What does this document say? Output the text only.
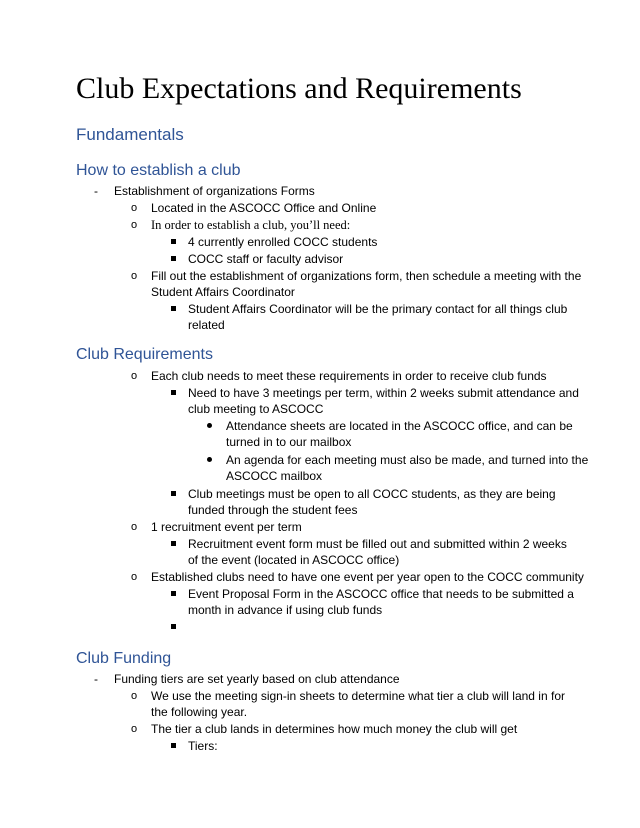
Club Expectations and Requirements
Fundamentals
How to establish a club
- Establishment of organizations Forms
o Located in the ASCOCC Office and Online
o In order to establish a club, you’ll need:
4 currently enrolled COCC students
COCC staff or faculty advisor
o Fill out the establishment of organizations form, then schedule a meeting with the
Student Affairs Coordinator
Student Affairs Coordinator will be the primary contact for all things club
related
Club Requirements
o Each club needs to meet these requirements in order to receive club funds
Need to have 3 meetings per term, within 2 weeks submit attendance and
club meeting to ASCOCC
Attendance sheets are located in the ASCOCC office, and can be
turned in to our mailbox
An agenda for each meeting must also be made, and turned into the
ASCOCC mailbox
Club meetings must be open to all COCC students, as they are being
funded through the student fees
o 1 recruitment event per term
Recruitment event form must be filled out and submitted within 2 weeks
of the event (located in ASCOCC office)
o Established clubs need to have one event per year open to the COCC community
Event Proposal Form in the ASCOCC office that needs to be submitted a
month in advance if using club funds
Club Funding
- Funding tiers are set yearly based on club attendance
o We use the meeting sign-in sheets to determine what tier a club will land in for
the following year.
o The tier a club lands in determines how much money the club will get
Tiers:
